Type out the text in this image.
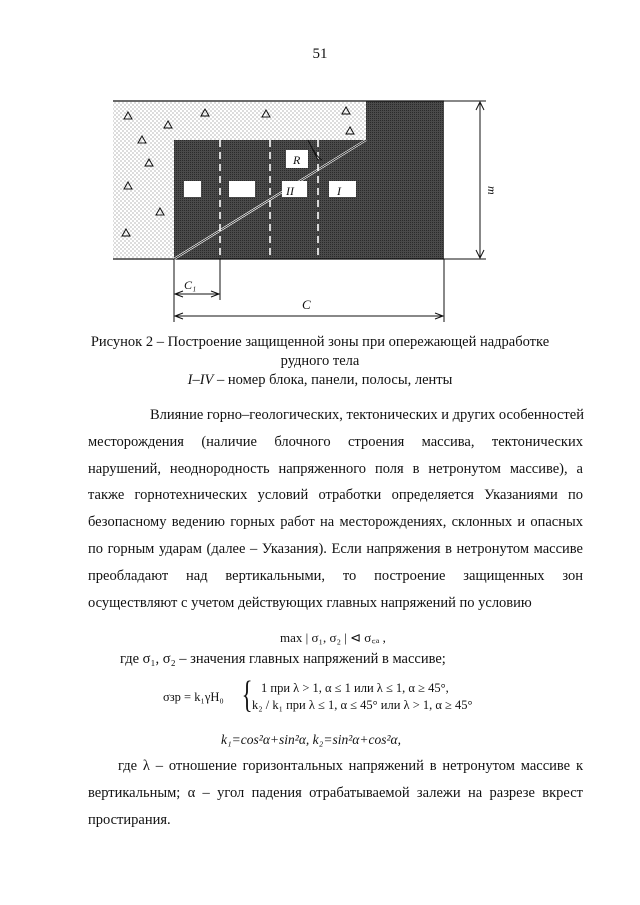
51
R
II	I	m
C₁
C
Рисунок 2 – Построение защищенной зоны при опережающей надработке
рудного тела
I–IV – номер блока, панели, полосы, ленты
Влияние горно–геологических, тектонических и других особенностей
месторождения (наличие блочного строения массива, тектонических
нарушений, неоднородность напряженного поля в нетронутом массиве), а
также горнотехнических условий отработки определяется Указаниями по
безопасному ведению горных работ на месторождениях, склонных и опасных
по горным ударам (далее – Указания). Если напряжения в нетронутом массиве
преобладают над вертикальными, то построение защищенных зон
осуществляют с учетом действующих главных напряжений по условию
max | σ₁, σ₂ | ⊲ σ꜀ₐ ,
где σ₁, σ₂ – значения главных напряжений в массиве;
σзр = k₁γH₀ { 1 при λ > 1, α ≤ 1 или λ ≤ 1, α ≥ 45°,
k₂ / k₁ при λ ≤ 1, α ≤ 45° или λ > 1, α ≥ 45°
k₁=cos²α+sin²α, k₂=sin²α+cos²α,
где λ – отношение горизонтальных напряжений в нетронутом массиве к
вертикальным; α – угол падения отрабатываемой залежи на разрезе вкрест
простирания.
